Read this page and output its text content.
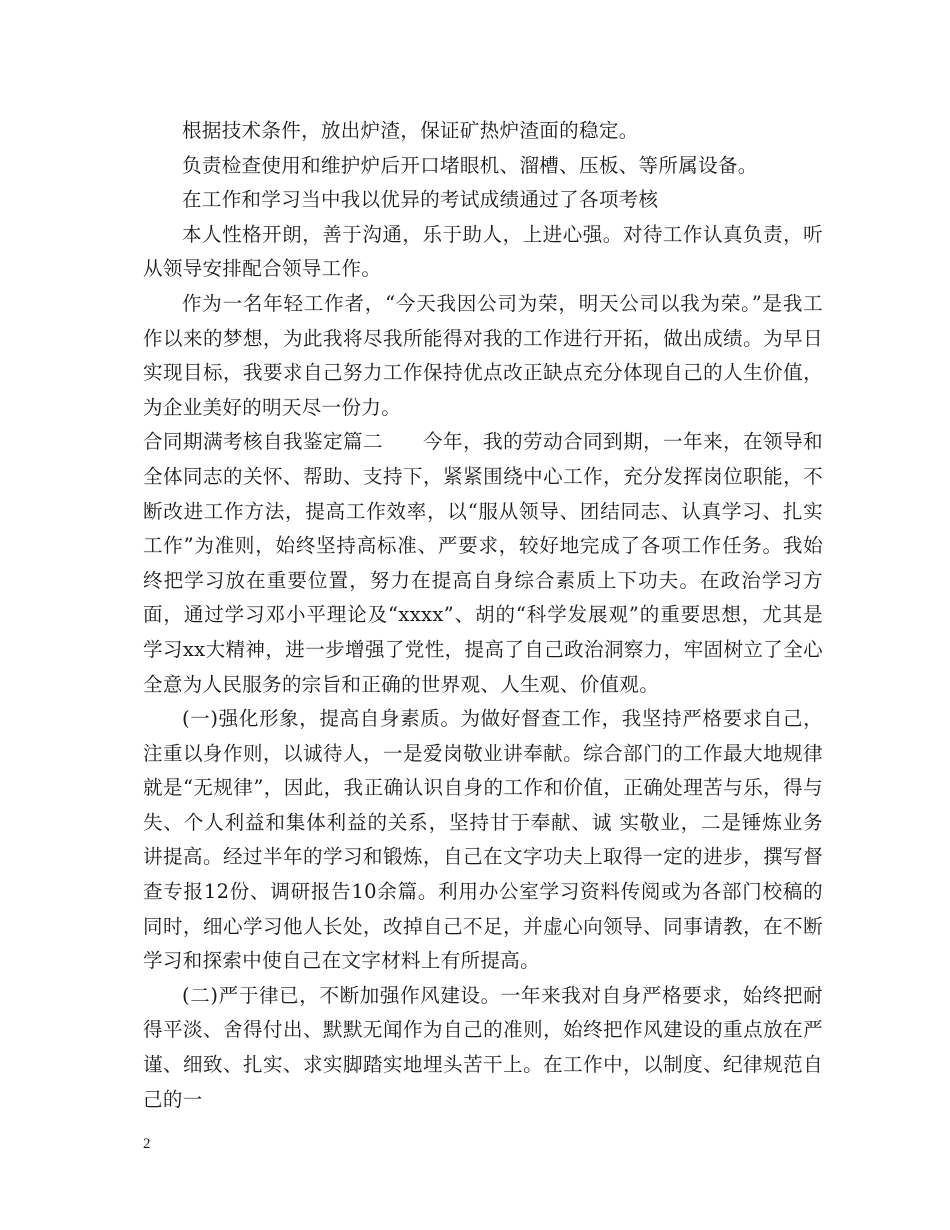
根据技术条件，放出炉渣，保证矿热炉渣面的稳定。

负责检查使用和维护炉后开口堵眼机、溜槽、压板、等所属设备。

在工作和学习当中我以优异的考试成绩通过了各项考核

本人性格开朗，善于沟通，乐于助人，上进心强。对待工作认真负责，听从领导安排配合领导工作。

作为一名年轻工作者，“今天我因公司为荣，明天公司以我为荣。”是我工作以来的梦想，为此我将尽我所能得对我的工作进行开拓，做出成绩。为早日实现目标，我要求自己努力工作保持优点改正缺点充分体现自己的人生价值，为企业美好的明天尽一份力。

合同期满考核自我鉴定篇二　　今年，我的劳动合同到期，一年来，在领导和全体同志的关怀、帮助、支持下，紧紧围绕中心工作，充分发挥岗位职能，不断改进工作方法，提高工作效率，以“服从领导、团结同志、认真学习、扎实工作”为准则，始终坚持高标准、严要求，较好地完成了各项工作任务。我始终把学习放在重要位置，努力在提高自身综合素质上下功夫。在政治学习方面，通过学习邓小平理论及“xxxx”、胡的“科学发展观”的重要思想，尤其是学习xx大精神，进一步增强了党性，提高了自己政治洞察力，牢固树立了全心全意为人民服务的宗旨和正确的世界观、人生观、价值观。

(一)强化形象，提高自身素质。为做好督查工作，我坚持严格要求自己，注重以身作则，以诚待人，一是爱岗敬业讲奉献。综合部门的工作最大地规律就是“无规律”，因此，我正确认识自身的工作和价值，正确处理苦与乐，得与失、个人利益和集体利益的关系，坚持甘于奉献、诚 实敬业，二是锤炼业务讲提高。经过半年的学习和锻炼，自己在文字功夫上取得一定的进步，撰写督查专报12份、调研报告10余篇。利用办公室学习资料传阅或为各部门校稿的同时，细心学习他人长处，改掉自己不足，并虚心向领导、同事请教，在不断学习和探索中使自己在文字材料上有所提高。

(二)严于律已，不断加强作风建设。一年来我对自身严格要求，始终把耐得平淡、舍得付出、默默无闻作为自己的准则，始终把作风建设的重点放在严谨、细致、扎实、求实脚踏实地埋头苦干上。在工作中，以制度、纪律规范自己的一

2
